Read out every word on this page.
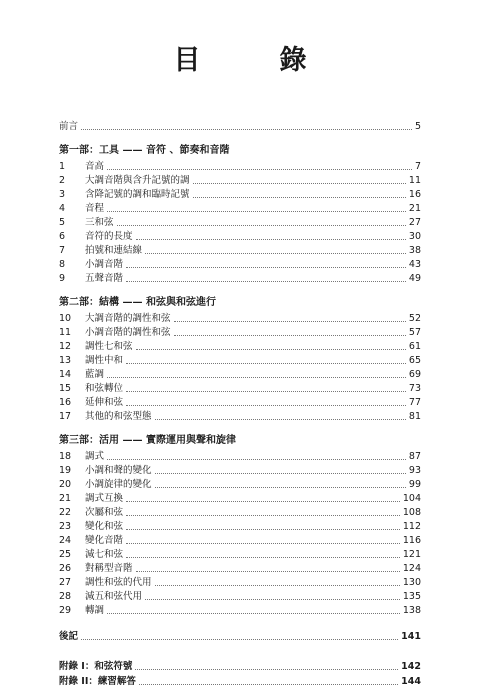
目　錄
前言	5
第一部：工具 —— 音符 、節奏和音階
1	音高	7
2	大調音階與含升記號的調	11
3	含降記號的調和臨時記號	16
4	音程	21
5	三和弦	27
6	音符的長度	30
7	拍號和連結線	38
8	小調音階	43
9	五聲音階	49
第二部：結構 —— 和弦與和弦進行
10	大調音階的調性和弦	52
11	小調音階的調性和弦	57
12	調性七和弦	61
13	調性中和	65
14	藍調	69
15	和弦轉位	73
16	延伸和弦	77
17	其他的和弦型態	81
第三部：活用 —— 實際運用與聲和旋律
18	調式	87
19	小調和聲的變化	93
20	小調旋律的變化	99
21	調式互換	104
22	次屬和弦	108
23	變化和弦	112
24	變化音階	116
25	減七和弦	121
26	對稱型音階	124
27	調性和弦的代用	130
28	減五和弦代用	135
29	轉調	138
後記	141
附錄 I：和弦符號	142
附錄 II：練習解答	144
